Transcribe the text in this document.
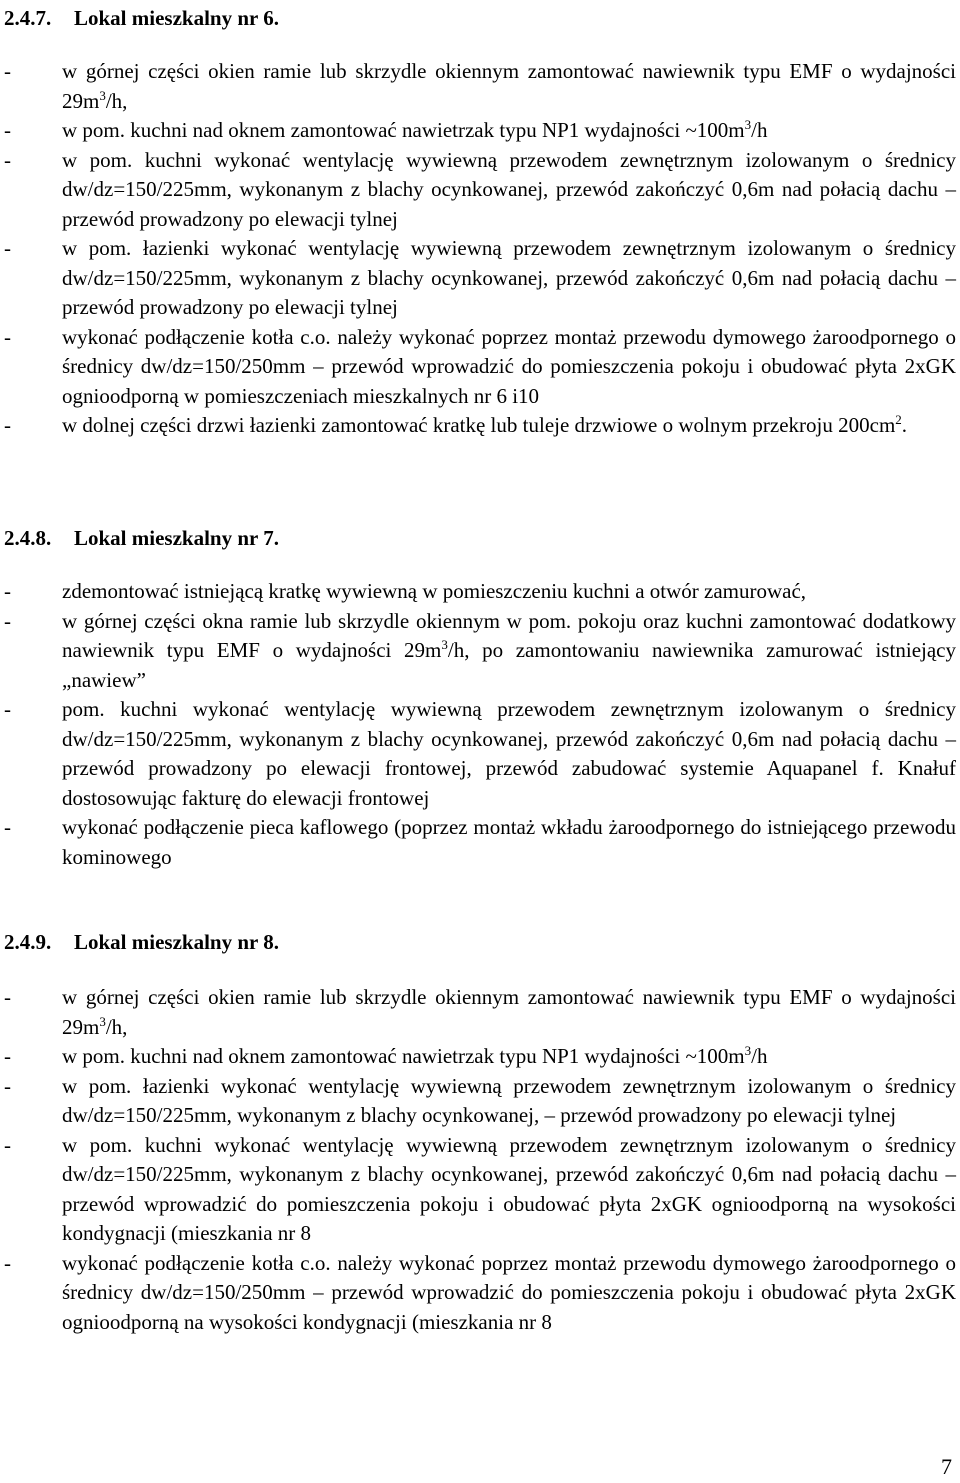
2.4.7. Lokal mieszkalny nr 6.
- w górnej części okien ramie lub skrzydle okiennym zamontować nawiewnik typu EMF o wydajności $29m^3/h$,
- w pom. kuchni nad oknem zamontować nawietrzak typu NP1 wydajności $\sim 100m^3/h$
- w pom. kuchni wykonać wentylację wywiewną przewodem zewnętrznym izolowanym o średnicy dw/dz=150/225mm, wykonanym z blachy ocynkowanej, przewód zakończyć 0,6m nad połacią dachu – przewód prowadzony po elewacji tylnej
- w pom. łazienki wykonać wentylację wywiewną przewodem zewnętrznym izolowanym o średnicy dw/dz=150/225mm, wykonanym z blachy ocynkowanej, przewód zakończyć 0,6m nad połacią dachu – przewód prowadzony po elewacji tylnej
- wykonać podłączenie kotła c.o. należy wykonać poprzez montaż przewodu dymowego żaroodpornego o średnicy dw/dz=150/250mm – przewód wprowadzić do pomieszczenia pokoju i obudować płyta 2xGK ognioodporną w pomieszczeniach mieszkalnych nr 6 i10
- w dolnej części drzwi łazienki zamontować kratkę lub tuleje drzwiowe o wolnym przekroju $200cm^2$.
2.4.8. Lokal mieszkalny nr 7.
- zdemontować istniejącą kratkę wywiewną w pomieszczeniu kuchni a otwór zamurować,
- w górnej części okna ramie lub skrzydle okiennym w pom. pokoju oraz kuchni zamontować dodatkowy nawiewnik typu EMF o wydajności $29m^3/h$, po zamontowaniu nawiewnika zamurować istniejący „nawiew”
- pom. kuchni wykonać wentylację wywiewną przewodem zewnętrznym izolowanym o średnicy dw/dz=150/225mm, wykonanym z blachy ocynkowanej, przewód zakończyć 0,6m nad połacią dachu – przewód prowadzony po elewacji frontowej, przewód zabudować systemie Aquapanel f. Knałuf dostosowując fakturę do elewacji frontowej
- wykonać podłączenie pieca kaflowego (poprzez montaż wkładu żaroodpornego do istniejącego przewodu kominowego
2.4.9. Lokal mieszkalny nr 8.
- w górnej części okien ramie lub skrzydle okiennym zamontować nawiewnik typu EMF o wydajności $29m^3/h$,
- w pom. kuchni nad oknem zamontować nawietrzak typu NP1 wydajności $\sim 100m^3/h$
- w pom. łazienki wykonać wentylację wywiewną przewodem zewnętrznym izolowanym o średnicy dw/dz=150/225mm, wykonanym z blachy ocynkowanej, – przewód prowadzony po elewacji tylnej
- w pom. kuchni wykonać wentylację wywiewną przewodem zewnętrznym izolowanym o średnicy dw/dz=150/225mm, wykonanym z blachy ocynkowanej, przewód zakończyć 0,6m nad połacią dachu – przewód wprowadzić do pomieszczenia pokoju i obudować płyta 2xGK ognioodporną na wysokości kondygnacji (mieszkania nr 8
- wykonać podłączenie kotła c.o. należy wykonać poprzez montaż przewodu dymowego żaroodpornego o średnicy dw/dz=150/250mm – przewód wprowadzić do pomieszczenia pokoju i obudować płyta 2xGK ognioodporną na wysokości kondygnacji (mieszkania nr 8
7
